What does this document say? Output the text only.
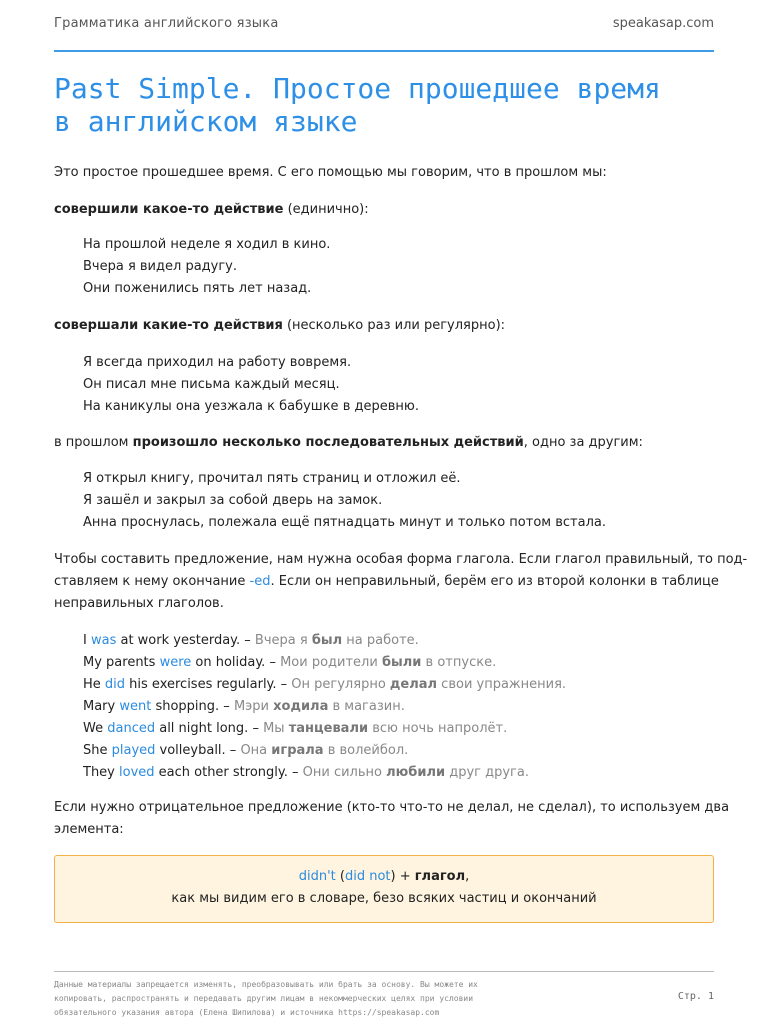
Грамматика английского языка	speakasap.com
Past Simple. Простое прошедшее время
в английском языке
Это простое прошедшее время. С его помощью мы говорим, что в прошлом мы:
совершили какое-то действие (единично):
На прошлой неделе я ходил в кино.
Вчера я видел радугу.
Они поженились пять лет назад.
совершали какие-то действия (несколько раз или регулярно):
Я всегда приходил на работу вовремя.
Он писал мне письма каждый месяц.
На каникулы она уезжала к бабушке в деревню.
в прошлом произошло несколько последовательных действий, одно за другим:
Я открыл книгу, прочитал пять страниц и отложил её.
Я зашёл и закрыл за собой дверь на замок.
Анна проснулась, полежала ещё пятнадцать минут и только потом встала.
Чтобы составить предложение, нам нужна особая форма глагола. Если глагол правильный, то под-
ставляем к нему окончание -ed. Если он неправильный, берём его из второй колонки в таблице
неправильных глаголов.
I was at work yesterday. – Вчера я был на работе.
My parents were on holiday. – Мои родители были в отпуске.
He did his exercises regularly. – Он регулярно делал свои упражнения.
Mary went shopping. – Мэри ходила в магазин.
We danced all night long. – Мы танцевали всю ночь напролёт.
She played volleyball. – Она играла в волейбол.
They loved each other strongly. – Они сильно любили друг друга.
Если нужно отрицательное предложение (кто-то что-то не делал, не сделал), то используем два
элемента:
didn't (did not) + глагол,
как мы видим его в словаре, безо всяких частиц и окончаний
Данные материалы запрещается изменять, преобразовывать или брать за основу. Вы можете их
копировать, распространять и передавать другим лицам в некоммерческих целях при условии
обязательного указания автора (Елена Шипилова) и источника https://speakasap.com
Стр. 1
